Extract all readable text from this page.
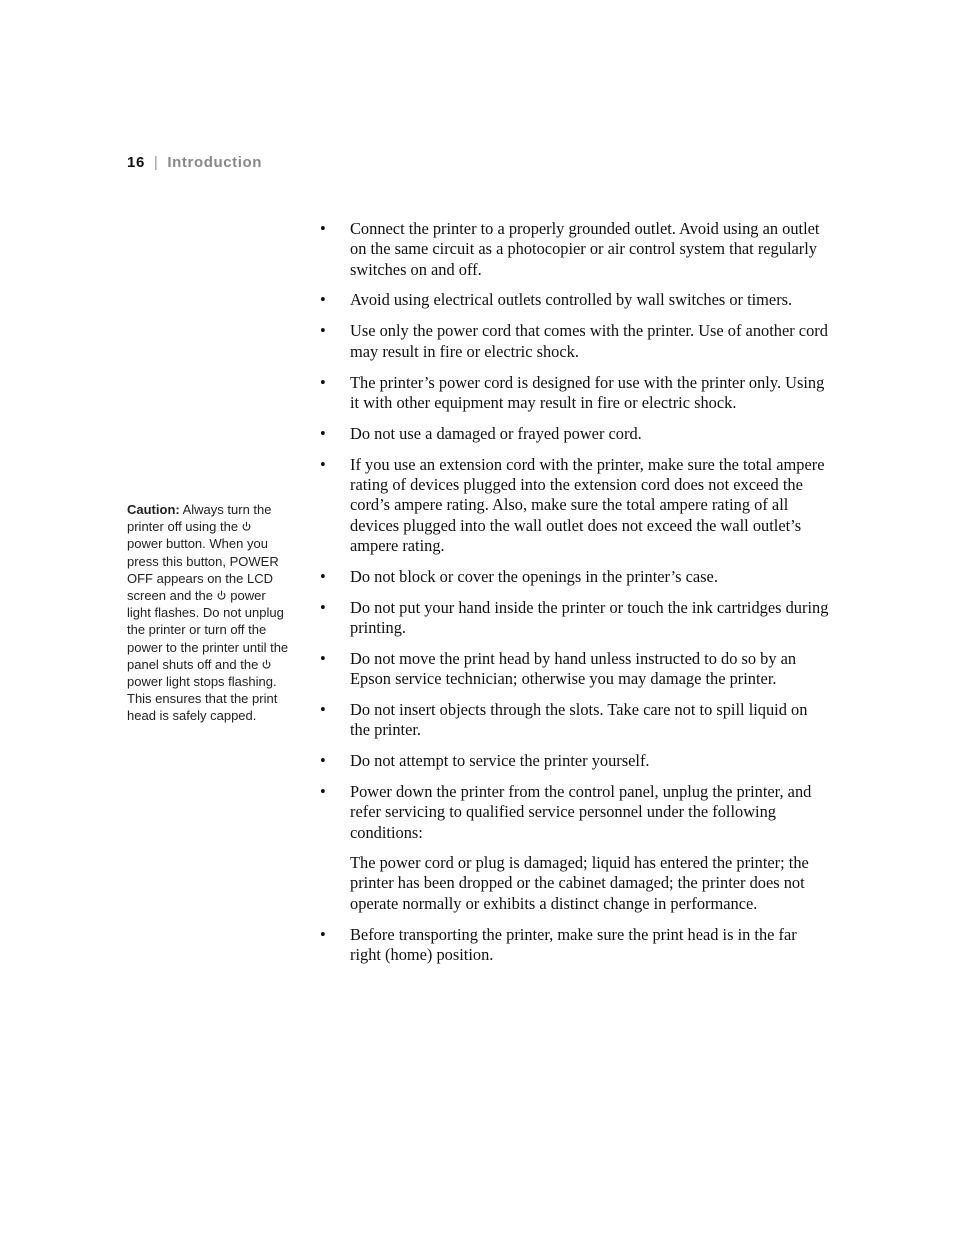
16 | Introduction
Caution: Always turn the printer off using the
power button. When you press this button, POWER OFF appears on the LCD screen and the
power light flashes. Do not unplug the printer or turn off the power to the printer until the panel shuts off and the
power light stops flashing. This ensures that the print head is safely capped.
• Connect the printer to a properly grounded outlet. Avoid using an outlet on the same circuit as a photocopier or air control system that regularly switches on and off.
• Avoid using electrical outlets controlled by wall switches or timers.
• Use only the power cord that comes with the printer. Use of another cord may result in fire or electric shock.
• The printer’s power cord is designed for use with the printer only. Using it with other equipment may result in fire or electric shock.
• Do not use a damaged or frayed power cord.
• If you use an extension cord with the printer, make sure the total ampere rating of devices plugged into the extension cord does not exceed the cord’s ampere rating. Also, make sure the total ampere rating of all devices plugged into the wall outlet does not exceed the wall outlet’s ampere rating.
• Do not block or cover the openings in the printer’s case.
• Do not put your hand inside the printer or touch the ink cartridges during printing.
• Do not move the print head by hand unless instructed to do so by an Epson service technician; otherwise you may damage the printer.
• Do not insert objects through the slots. Take care not to spill liquid on the printer.
• Do not attempt to service the printer yourself.
• Power down the printer from the control panel, unplug the printer, and refer servicing to qualified service personnel under the following conditions:
The power cord or plug is damaged; liquid has entered the printer; the printer has been dropped or the cabinet damaged; the printer does not operate normally or exhibits a distinct change in performance.
• Before transporting the printer, make sure the print head is in the far right (home) position.
